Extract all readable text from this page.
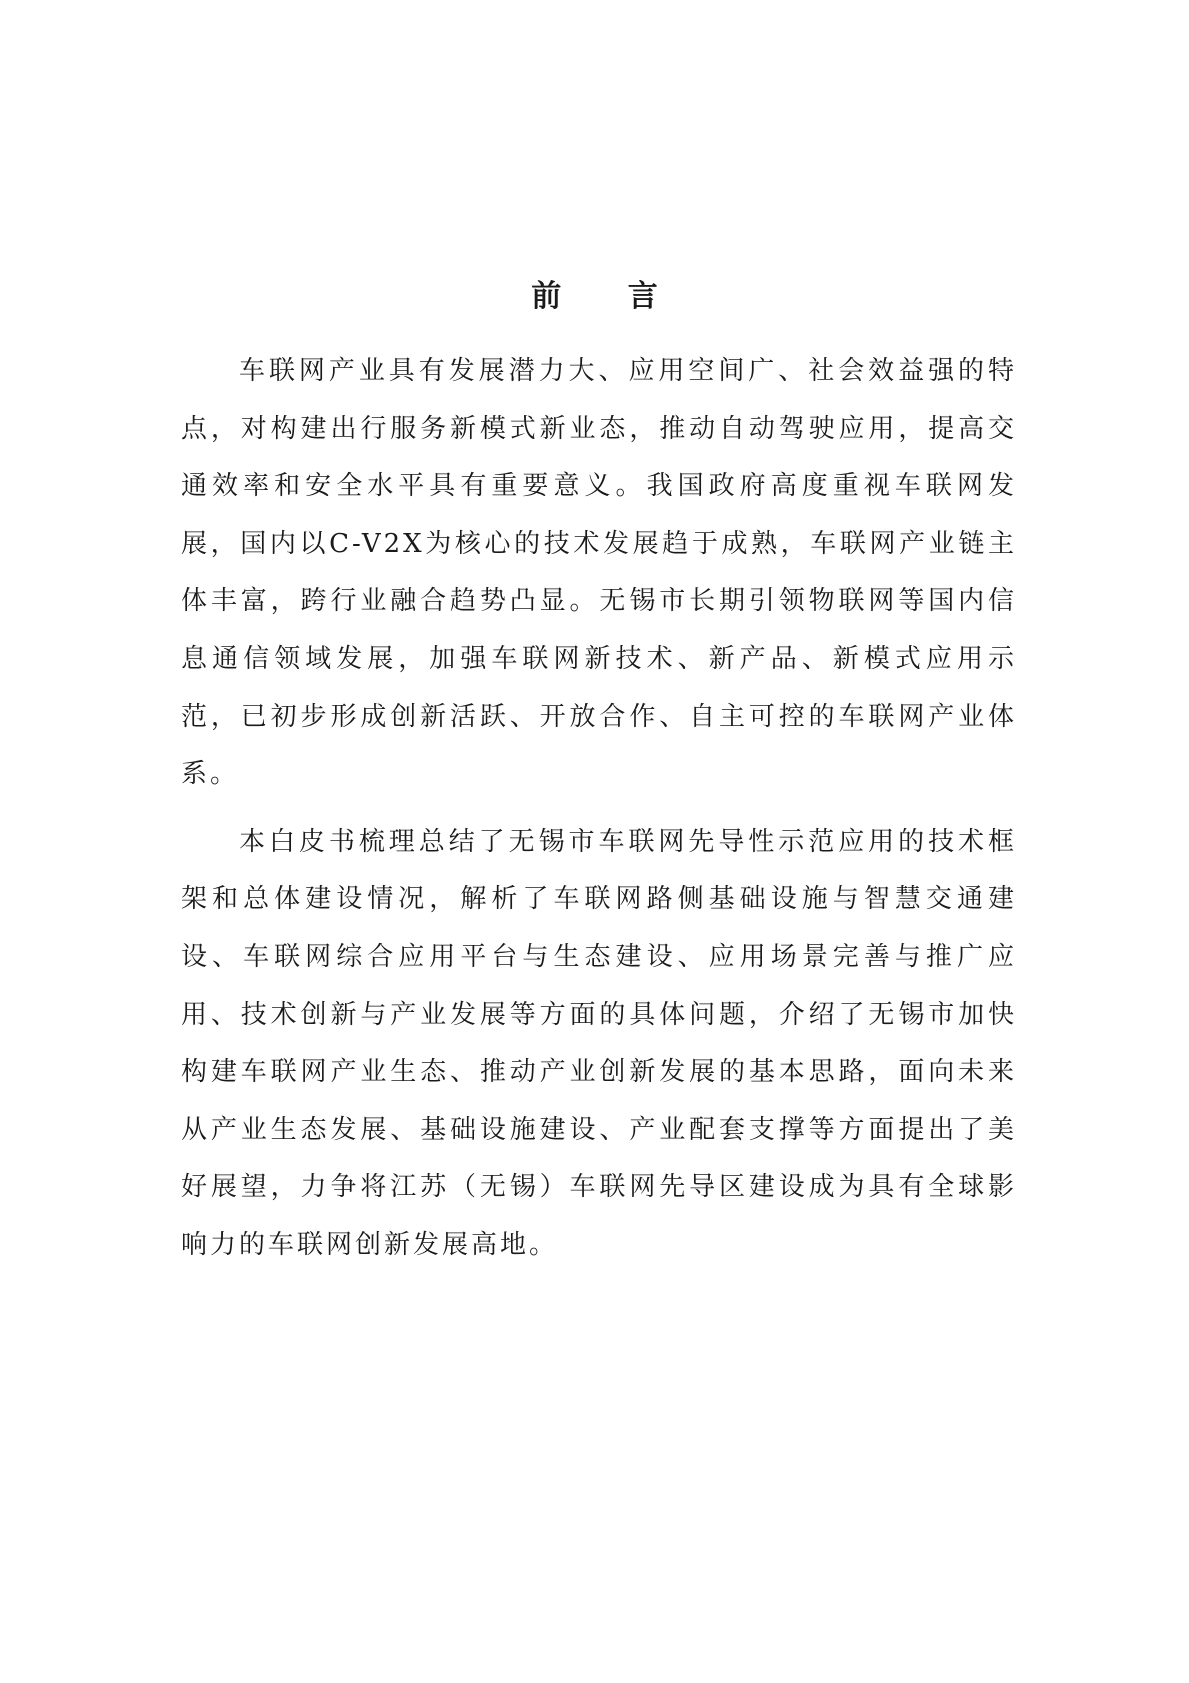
前 言

车联网产业具有发展潜力大、应用空间广、社会效益强的特点，对构建出行服务新模式新业态，推动自动驾驶应用，提高交通效率和安全水平具有重要意义。我国政府高度重视车联网发展，国内以C-V2X为核心的技术发展趋于成熟，车联网产业链主体丰富，跨行业融合趋势凸显。无锡市长期引领物联网等国内信息通信领域发展，加强车联网新技术、新产品、新模式应用示范，已初步形成创新活跃、开放合作、自主可控的车联网产业体系。

本白皮书梳理总结了无锡市车联网先导性示范应用的技术框架和总体建设情况，解析了车联网路侧基础设施与智慧交通建设、车联网综合应用平台与生态建设、应用场景完善与推广应用、技术创新与产业发展等方面的具体问题，介绍了无锡市加快构建车联网产业生态、推动产业创新发展的基本思路，面向未来从产业生态发展、基础设施建设、产业配套支撑等方面提出了美好展望，力争将江苏（无锡）车联网先导区建设成为具有全球影响力的车联网创新发展高地。
